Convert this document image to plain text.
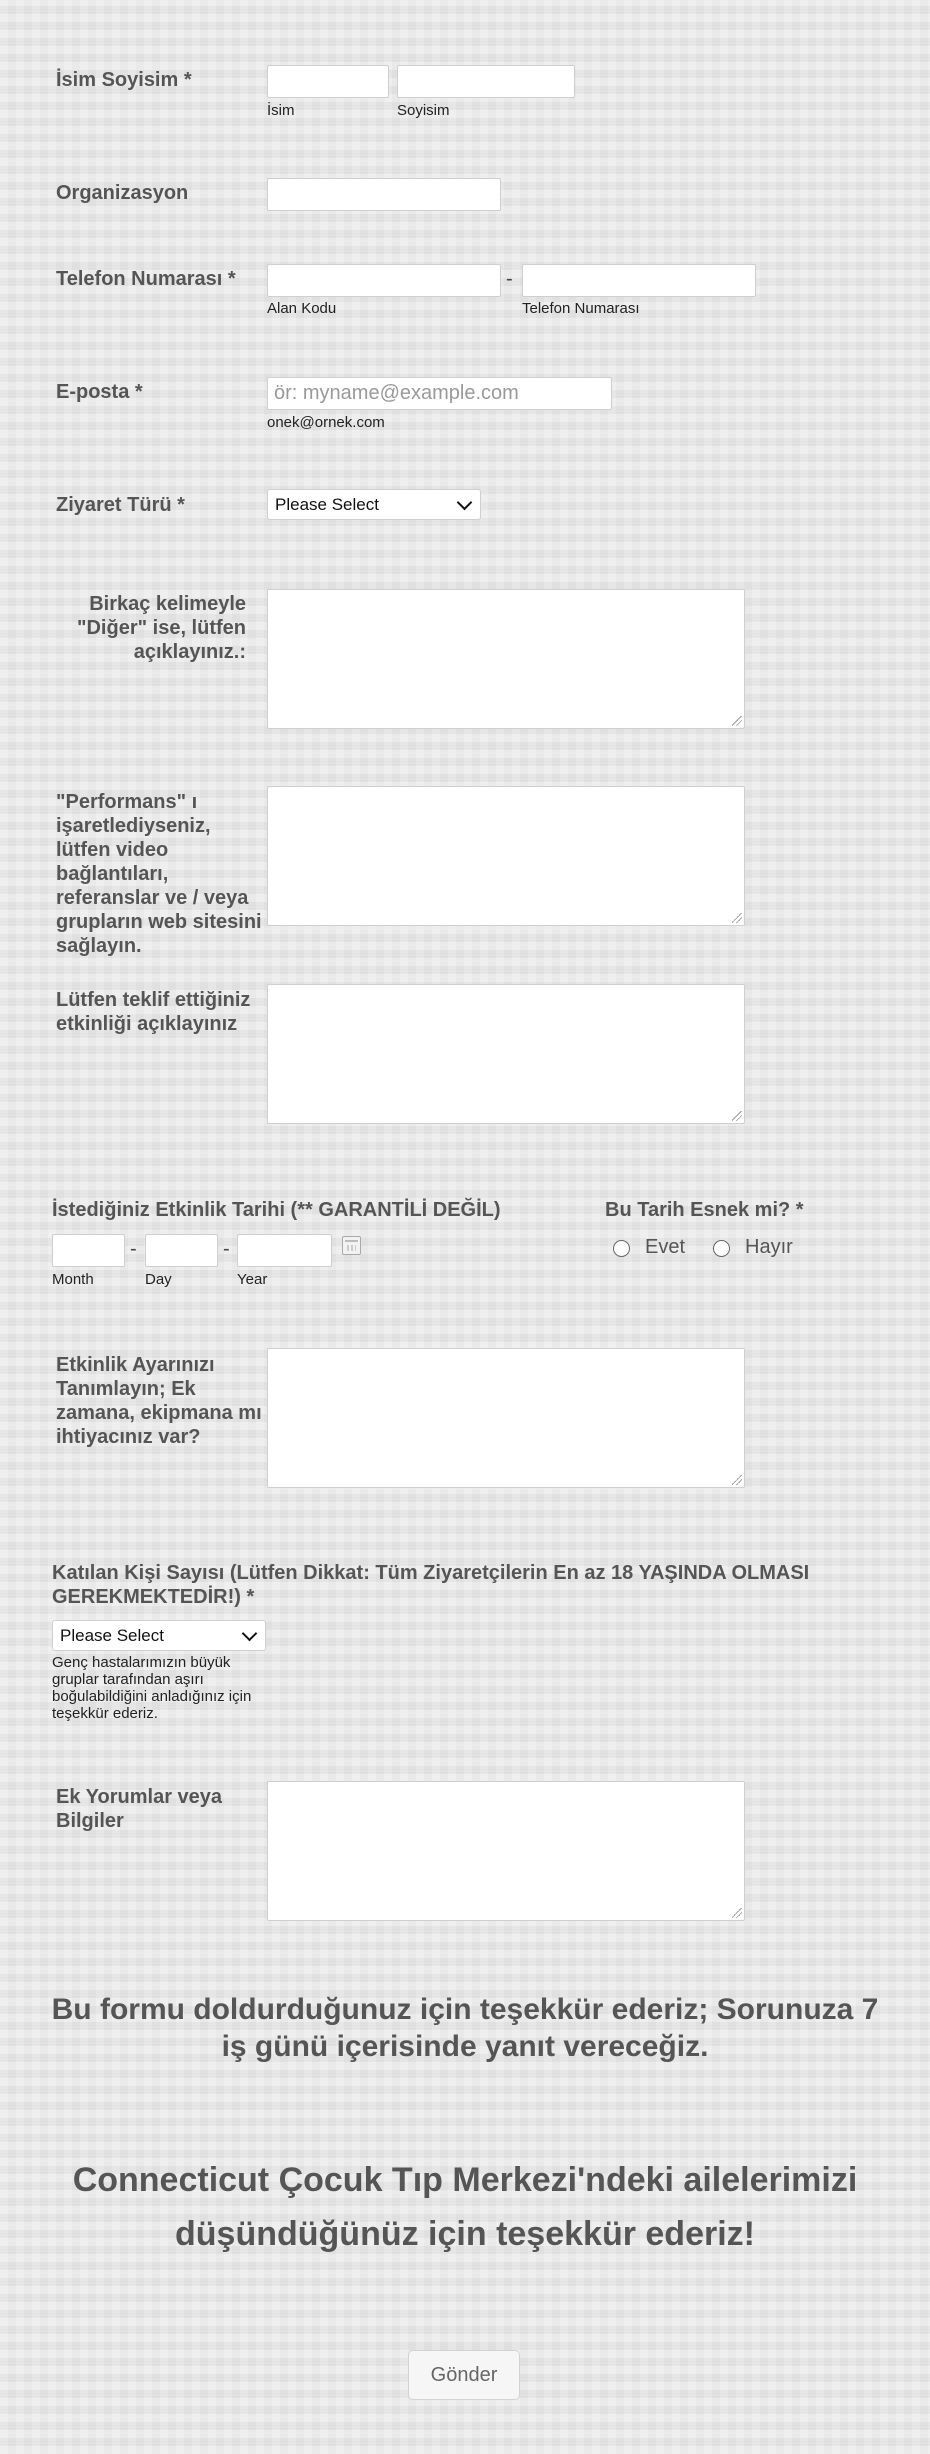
İsim Soyisim *
İsim	Soyisim
Organizasyon
Telefon Numarası *	-
Alan Kodu	Telefon Numarası
E-posta *
ör: myname@example.com
onek@ornek.com
Ziyaret Türü *	Please Select
Birkaç kelimeyle "Diğer" ise, lütfen açıklayınız.:
"Performans" ı işaretlediyseniz, lütfen video bağlantıları, referanslar ve / veya grupların web sitesini sağlayın.
Lütfen teklif ettiğiniz etkinliği açıklayınız
İstediğiniz Etkinlik Tarihi (** GARANTİLİ DEĞİL)
-	-
Month	Day	Year
Bu Tarih Esnek mi? *
Evet	Hayır
Etkinlik Ayarınızı Tanımlayın; Ek zamana, ekipmana mı ihtiyacınız var?
Katılan Kişi Sayısı (Lütfen Dikkat: Tüm Ziyaretçilerin En az 18 YAŞINDA OLMASI GEREKMEKTEDİR!) *
Please Select
Genç hastalarımızın büyük gruplar tarafından aşırı boğulabildiğini anladığınız için teşekkür ederiz.
Ek Yorumlar veya Bilgiler
Bu formu doldurduğunuz için teşekkür ederiz; Sorunuza 7 iş günü içerisinde yanıt vereceğiz.
Connecticut Çocuk Tıp Merkezi'ndeki ailelerimizi düşündüğünüz için teşekkür ederiz!
Gönder
